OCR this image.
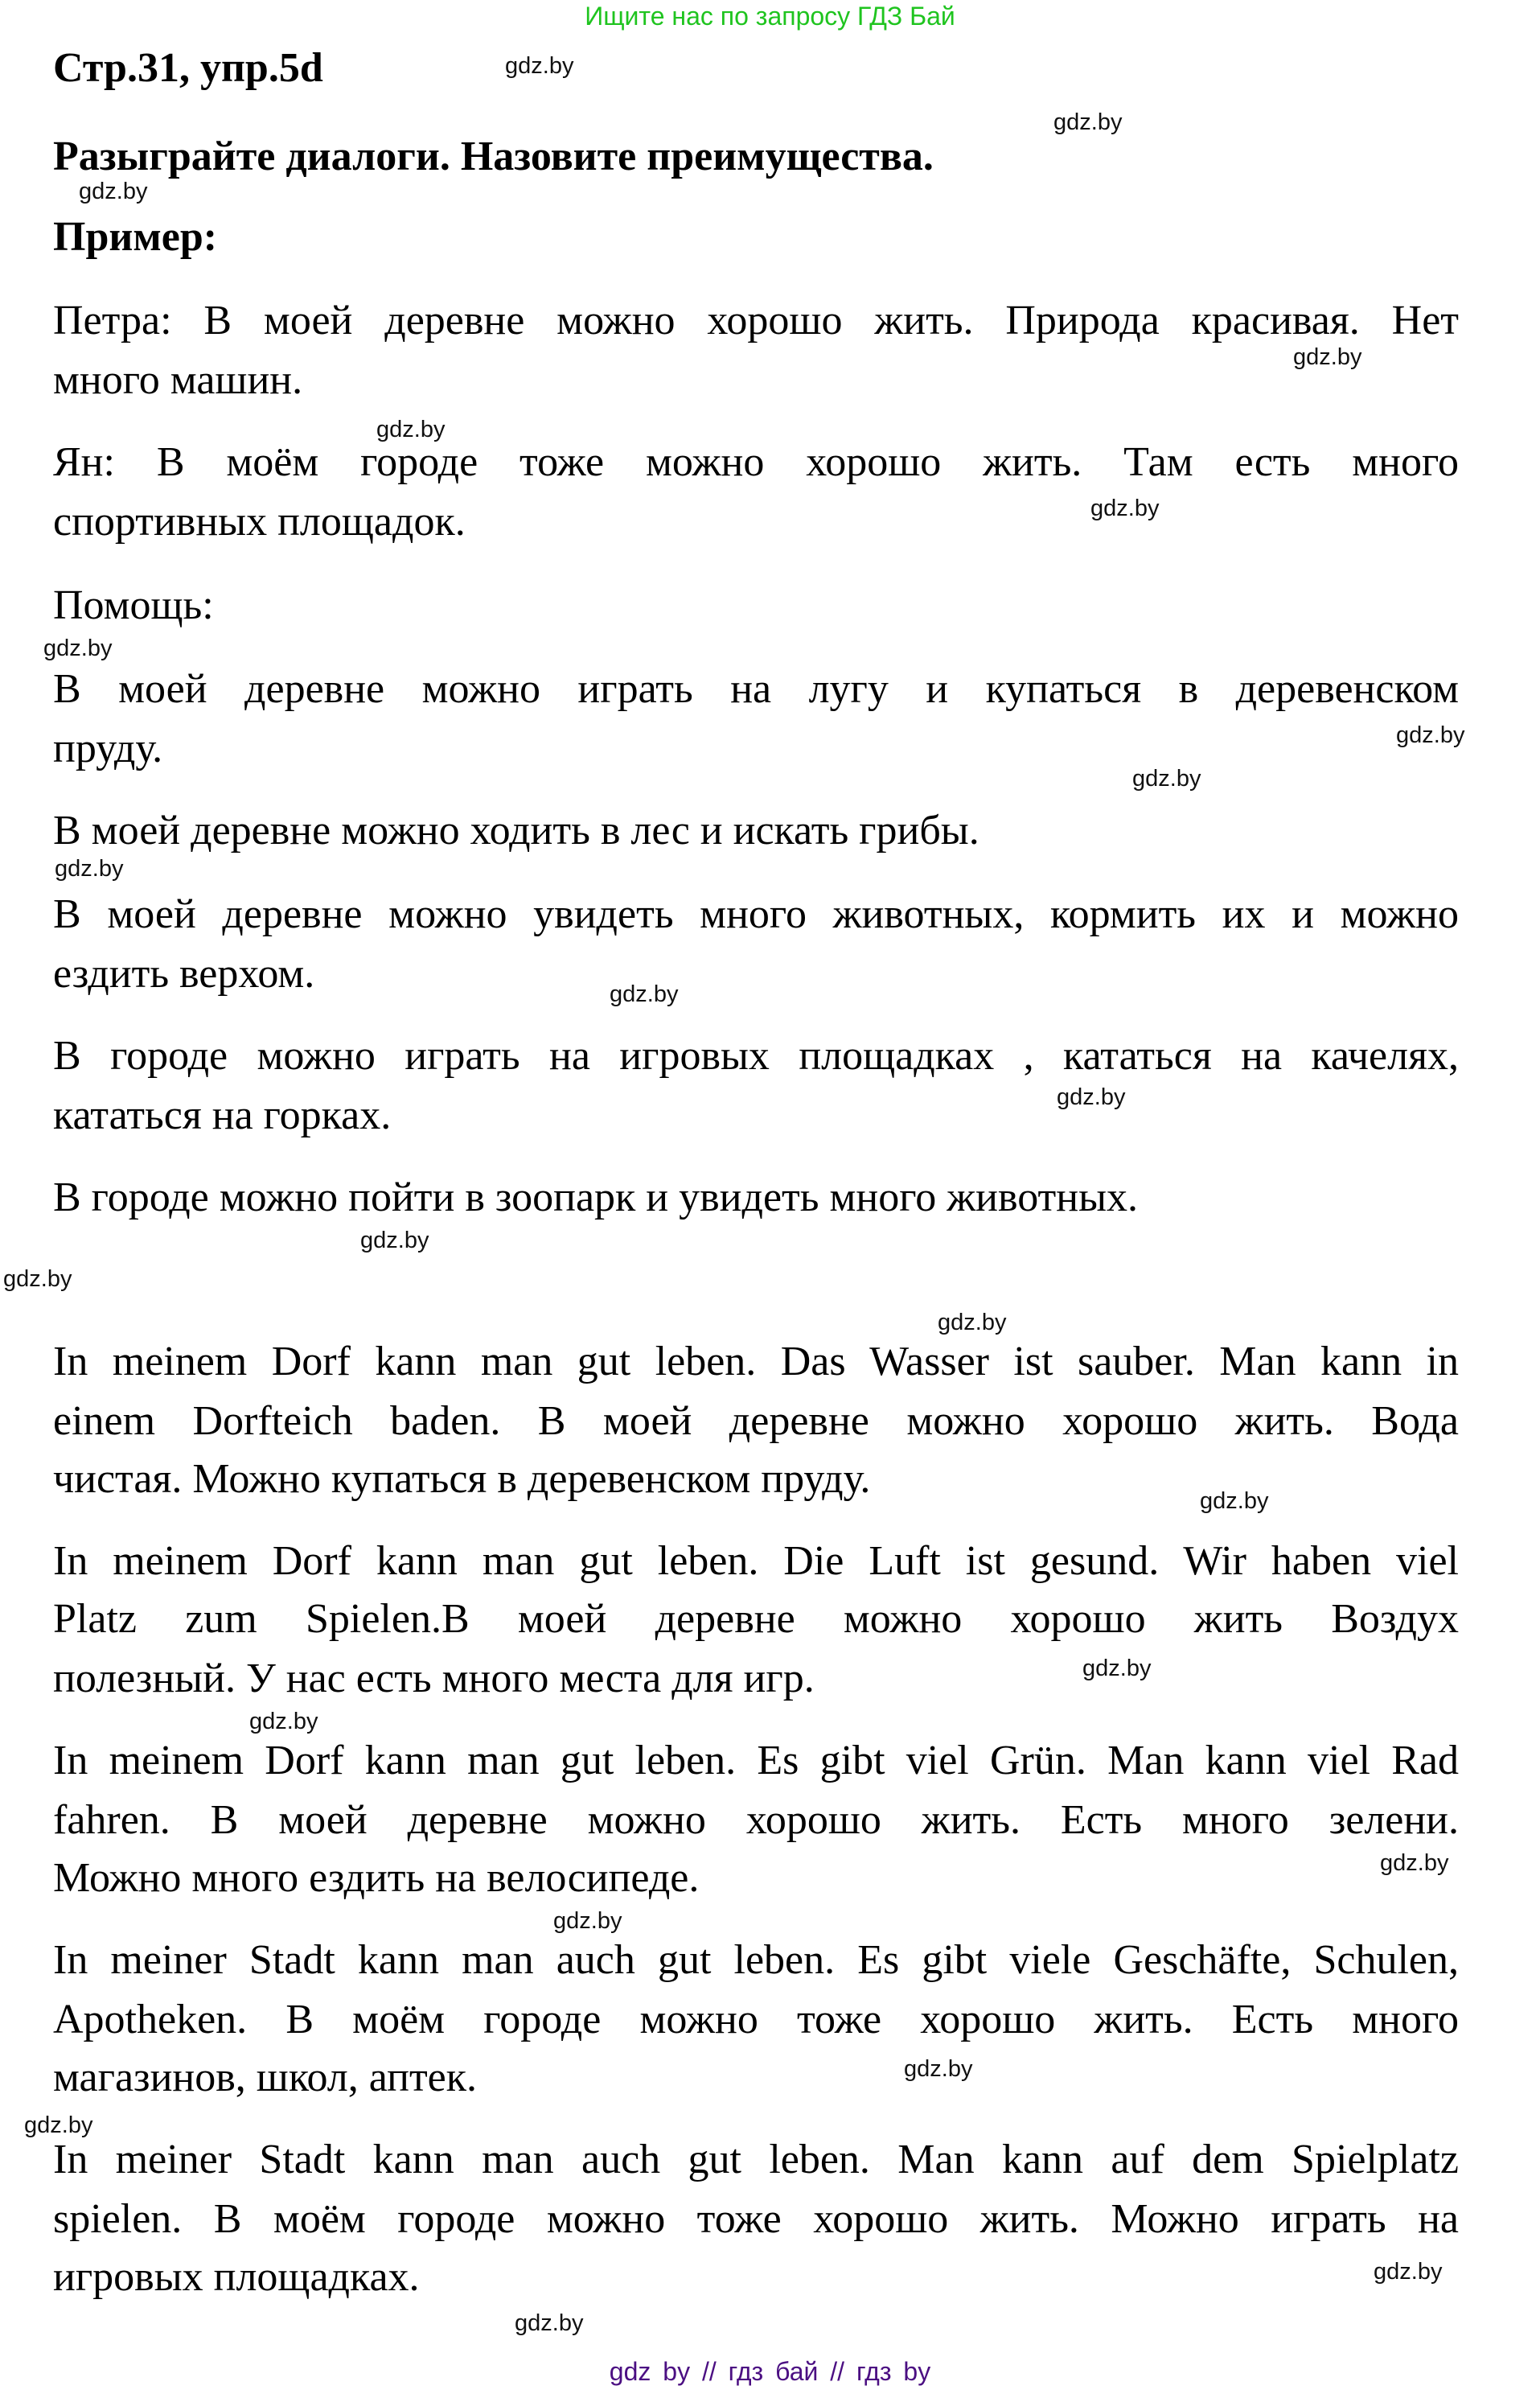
Ищите нас по запросу ГДЗ Бай
Стр.31, упр.5d
Разыграйте диалоги. Назовите преимущества.
Пример:
Петра: В моей деревне можно хорошо жить. Природа красивая. Нет
много машин.
Ян: В моём городе тоже можно хорошо жить. Там есть много
спортивных площадок.
Помощь:
В моей деревне можно играть на лугу и купаться в деревенском
пруду.
В моей деревне можно ходить в лес и искать грибы.
В моей деревне можно увидеть много животных, кормить их и можно
ездить верхом.
В городе можно играть на игровых площадках , кататься на качелях,
кататься на горках.
В городе можно пойти в зоопарк и увидеть много животных.
In meinem Dorf kann man gut leben. Das Wasser ist sauber. Man kann in
einem Dorfteich baden. В моей деревне можно хорошо жить. Вода
чистая. Можно купаться в деревенском пруду.
In meinem Dorf kann man gut leben. Die Luft ist gesund. Wir haben viel
Platz zum Spielen.В моей деревне можно хорошо жить Воздух
полезный. У нас есть много места для игр.
In meinem Dorf kann man gut leben. Es gibt viel Grün. Man kann viel Rad
fahren. В моей деревне можно хорошо жить. Есть много зелени.
Можно много ездить на велосипеде.
In meiner Stadt kann man auch gut leben. Es gibt viele Geschäfte, Schulen,
Apotheken. В моём городе можно тоже хорошо жить. Есть много
магазинов, школ, аптек.
In meiner Stadt kann man auch gut leben. Man kann auf dem Spielplatz
spielen. В моём городе можно тоже хорошо жить. Можно играть на
игровых площадках.
gdz.by
gdz.by
gdz.by
gdz.by
gdz.by
gdz.by
gdz.by
gdz.by
gdz.by
gdz.by
gdz.by
gdz.by
gdz.by
gdz.by
gdz.by
gdz.by
gdz.by
gdz.by
gdz.by
gdz.by
gdz.by
gdz.by
gdz.by
gdz.by
gdz by // гдз бай // гдз by
